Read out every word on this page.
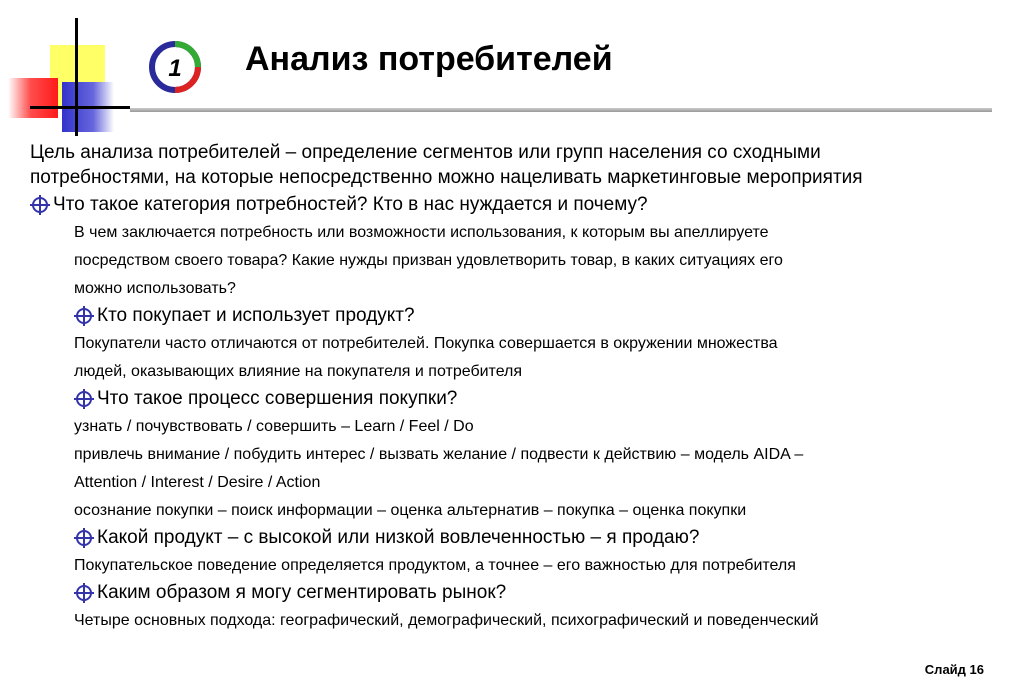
1 Анализ потребителей

Цель анализа потребителей – определение сегментов или групп населения со сходными

потребностями, на которые непосредственно можно нацеливать маркетинговые мероприятия

Что такое категория потребностей? Кто в нас нуждается и почему?

В чем заключается потребность или возможности использования, к которым вы апеллируете

посредством своего товара? Какие нужды призван удовлетворить товар, в каких ситуациях его

можно использовать?

Кто покупает и использует продукт?

Покупатели часто отличаются от потребителей. Покупка совершается в окружении множества

людей, оказывающих влияние на покупателя и потребителя

Что такое процесс совершения покупки?

узнать / почувствовать / совершить – Learn / Feel / Do

привлечь внимание / побудить интерес / вызвать желание / подвести к действию – модель AIDA –

Attention / Interest / Desire / Action

осознание покупки – поиск информации – оценка альтернатив – покупка – оценка покупки

Какой продукт – с высокой или низкой вовлеченностью – я продаю?

Покупательское поведение определяется продуктом, а точнее – его важностью для потребителя

Каким образом я могу сегментировать рынок?

Четыре основных подхода: географический, демографический, психографический и поведенческий

Слайд 16
